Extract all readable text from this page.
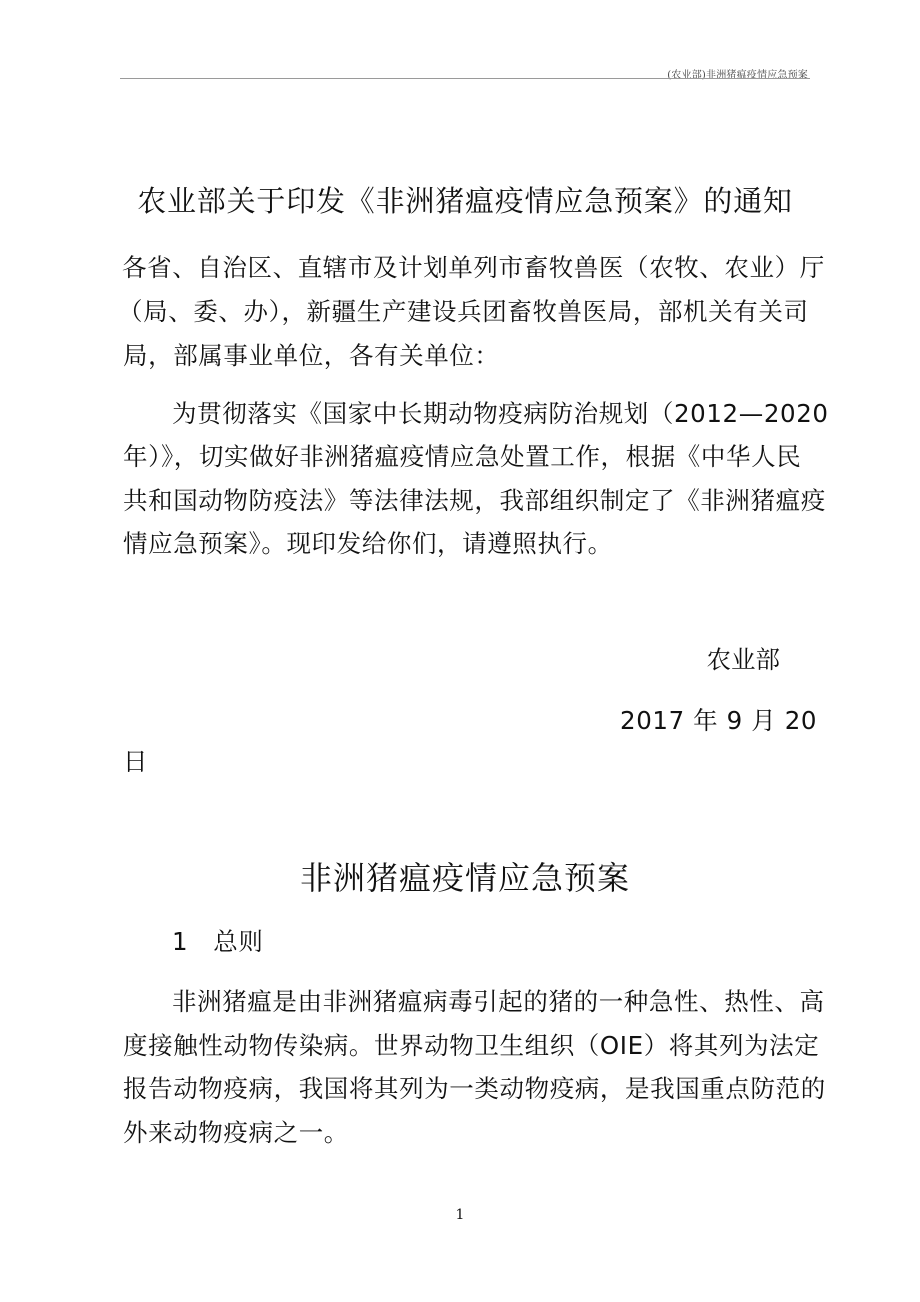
(农业部)非洲猪瘟疫情应急预案
农业部关于印发《非洲猪瘟疫情应急预案》的通知
各省、自治区、直辖市及计划单列市畜牧兽医（农牧、农业）厅
（局、委、办），新疆生产建设兵团畜牧兽医局，部机关有关司
局，部属事业单位，各有关单位：
为贯彻落实《国家中长期动物疫病防治规划（2012—2020
年）》，切实做好非洲猪瘟疫情应急处置工作，根据《中华人民
共和国动物防疫法》等法律法规，我部组织制定了《非洲猪瘟疫
情应急预案》。现印发给你们，请遵照执行。
农业部
2017 年 9 月 20
日
非洲猪瘟疫情应急预案
1　总则
非洲猪瘟是由非洲猪瘟病毒引起的猪的一种急性、热性、高
度接触性动物传染病。世界动物卫生组织（OIE）将其列为法定
报告动物疫病，我国将其列为一类动物疫病，是我国重点防范的
外来动物疫病之一。
1
